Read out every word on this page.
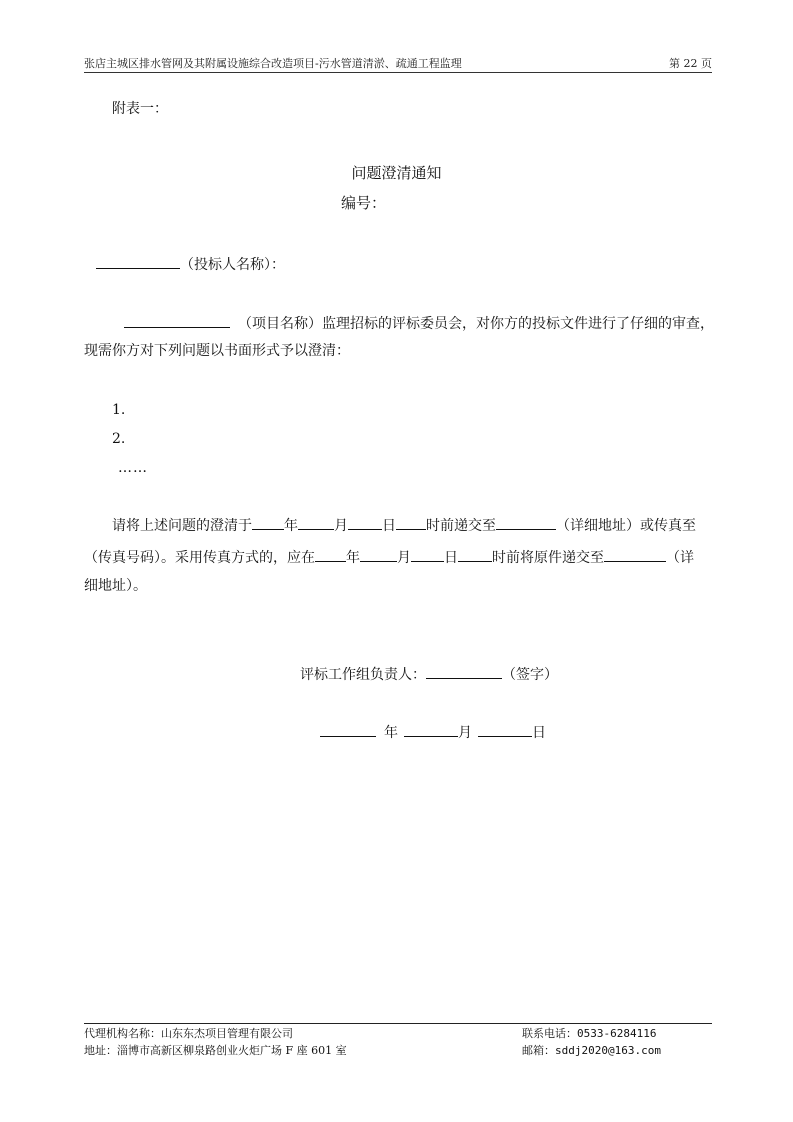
张店主城区排水管网及其附属设施综合改造项目-污水管道清淤、疏通工程监理	第 22 页
附表一：
问题澄清通知
编号：
（投标人名称）：
（项目名称）监理招标的评标委员会，对你方的投标文件进行了仔细的审查，
现需你方对下列问题以书面形式予以澄清：
1.
2.
……
请将上述问题的澄清于 年	月 日 时前递交至	（详细地址）或传真至
（传真号码）。采用传真方式的，应在 年	月 日 时前将原件递交至	（详
细地址）。
评标工作组负责人：	（签字）
年	月	日
代理机构名称：山东东杰项目管理有限公司
地址：淄博市高新区柳泉路创业火炬广场 F 座 601 室
联系电话：0533-6284116
邮箱：sddj2020@163.com
